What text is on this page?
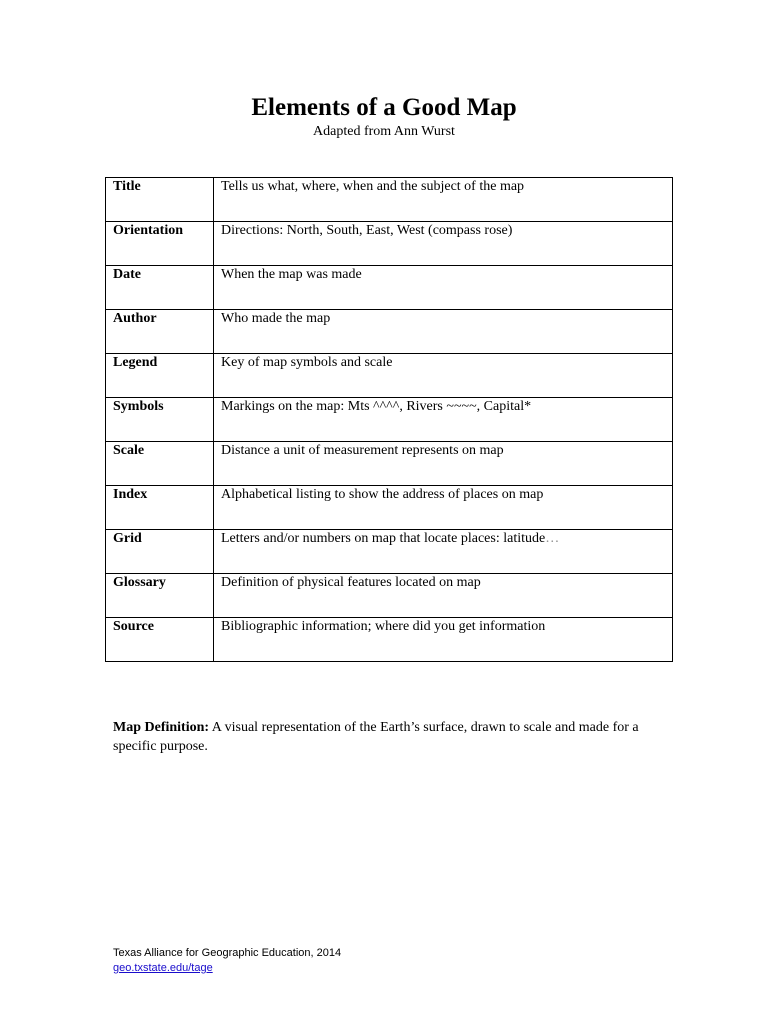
Elements of a Good Map
Adapted from Ann Wurst
Title	Tells us what, where, when and the subject of the map

Orientation	Directions: North, South, East, West (compass rose)

Date	When the map was made

Author	Who made the map

Legend	Key of map symbols and scale

Symbols	Markings on the map: Mts ^^^^, Rivers ~~~~, Capital*

Scale	Distance a unit of measurement represents on map

Index	Alphabetical listing to show the address of places on map

Grid	Letters and/or numbers on map that locate places: latitude…

Glossary	Definition of physical features located on map

Source	Bibliographic information; where did you get information
Map Definition: A visual representation of the Earth’s surface, drawn to scale and made for a specific purpose.
Texas Alliance for Geographic Education, 2014
geo.txstate.edu/tage
